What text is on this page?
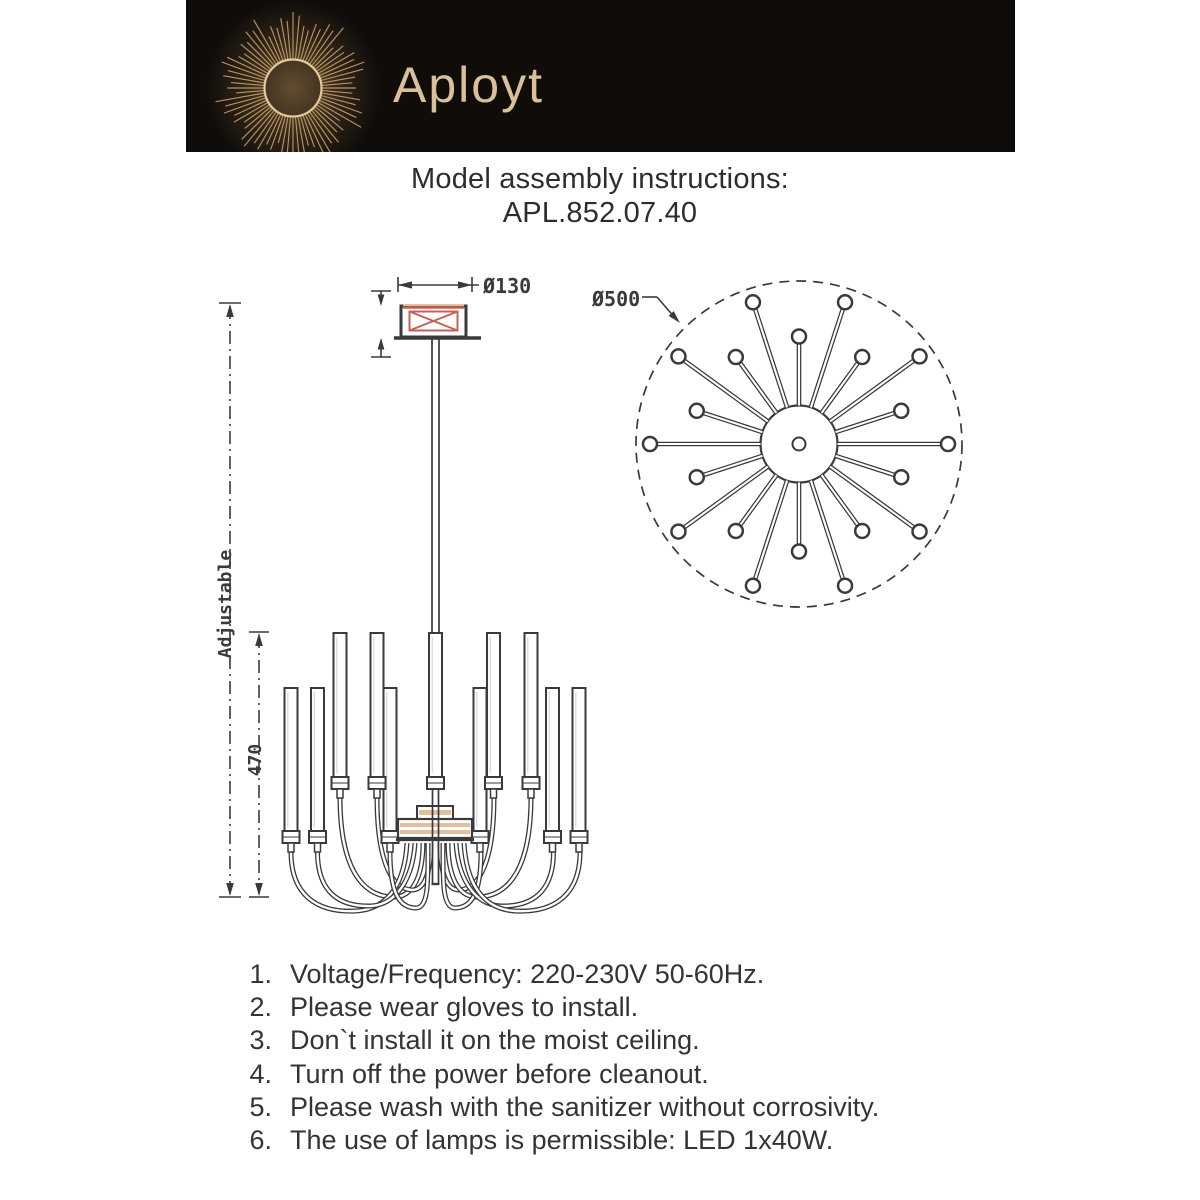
Ø130
Ø500
470
Adjustable
Aployt
Model assembly instructions:
APL.852.07.40
1. Voltage/Frequency: 220-230V 50-60Hz.
2. Please wear gloves to install.
3. Don`t install it on the moist ceiling.
4. Turn off the power before cleanout.
5. Please wash with the sanitizer without corrosivity.
6. The use of lamps is permissible: LED 1x40W.
